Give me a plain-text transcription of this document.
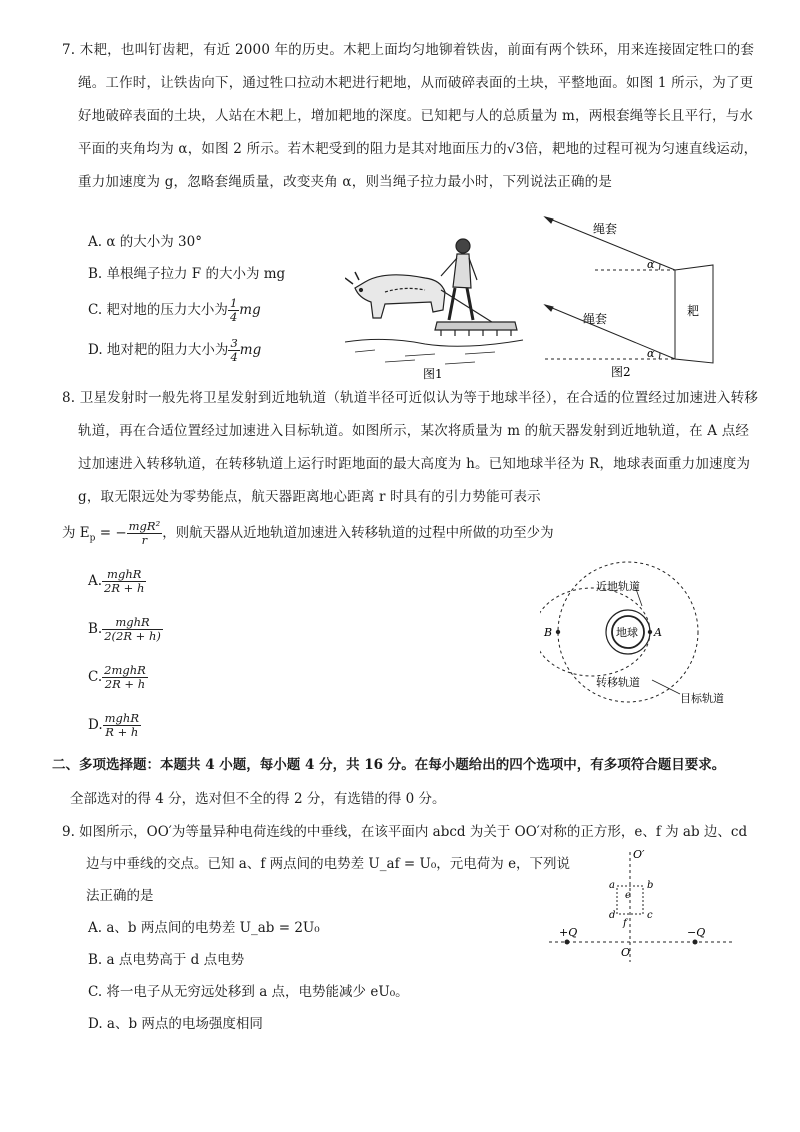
7. 木耙，也叫钉齿耙，有近 2000 年的历史。木耙上面均匀地铆着铁齿，前面有两个铁环，用来连接固定牲口的套绳。工作时，让铁齿向下，通过牲口拉动木耙进行耙地，从而破碎表面的土块，平整地面。如图 1 所示，为了更好地破碎表面的土块，人站在木耙上，增加耙地的深度。已知耙与人的总质量为 m，两根套绳等长且平行，与水平面的夹角均为 α，如图 2 所示。若木耙受到的阻力是其对地面压力的√3倍，耙地的过程可视为匀速直线运动，重力加速度为 g，忽略套绳质量，改变夹角 α，则当绳子拉力最小时，下列说法正确的是

A. α 的大小为 30°

B. 单根绳子拉力 F 的大小为 mg

C. 耙对地的压力大小为 $\frac{1}{4}$ mg

D. 地对耙的阻力大小为 $\frac{3}{4}$ mg

图1
绳套
绳套
α
α
耙
图2

8. 卫星发射时一般先将卫星发射到近地轨道（轨道半径可近似认为等于地球半径），在合适的位置经过加速进入转移轨道，再在合适位置经过加速进入目标轨道。如图所示，某次将质量为 m 的航天器发射到近地轨道，在 A 点经过加速进入转移轨道，在转移轨道上运行时距地面的最大高度为 h。已知地球半径为 R，地球表面重力加速度为 g，取无限远处为零势能点，航天器距离地心距离 r 时具有的引力势能可表示

为 $E_p$ = − $\frac{\text{mgR²}}{r}$ ，则航天器从近地轨道加速进入转移轨道的过程中所做的功至少为

A. $\frac{\text{mghR}}{2R + h}$

B. $\frac{\text{mghR}}{2(2R + h)}$

C. $\frac{\text{2mghR}}{2R + h}$

D. $\frac{\text{mghR}}{R + h}$

近地轨道
地球 A
B
转移轨道
目标轨道

二、多项选择题：本题共 4 小题，每小题 4 分，共 16 分。在每小题给出的四个选项中，有多项符合题目要求。

全部选对的得 4 分，选对但不全的得 2 分，有选错的得 0 分。

9. 如图所示，OO′为等量异种电荷连线的中垂线，在该平面内 abcd 为关于 OO′对称的正方形，e、f 为 ab 边、cd

边与中垂线的交点。已知 a、f 两点间的电势差 U_af = U₀，元电荷为 e，下列说

法正确的是

A. a、b 两点间的电势差 U_ab = 2U₀

B. a 点电势高于 d 点电势

C. 将一电子从无穷远处移到 a 点，电势能减少 eU₀。

D. a、b 两点的电场强度相同

O′
O
+Q	−Q
a	b
c
d
e
f
